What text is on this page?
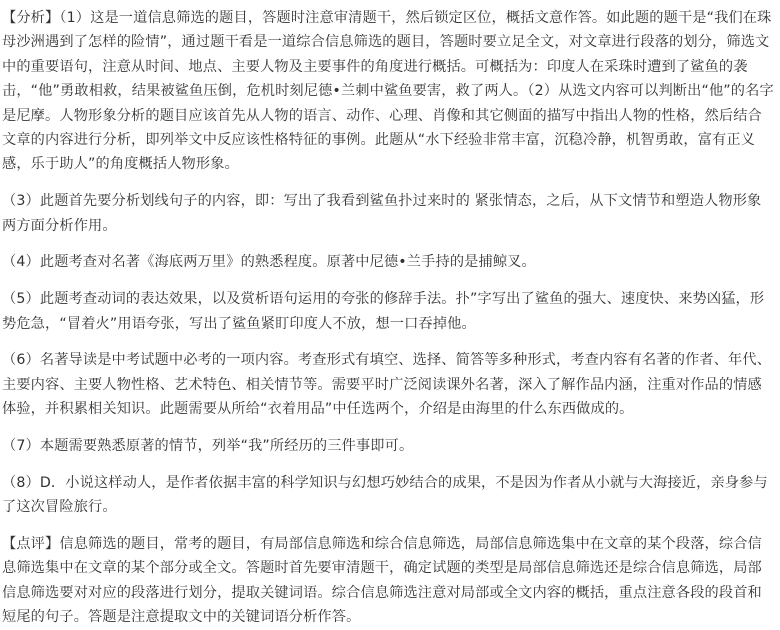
【分析】（1）这是一道信息筛选的题目，答题时注意审清题干，然后锁定区位，概括文意作答。如此题的题干是“我们在珠母沙洲遇到了怎样的险情”，通过题干看是一道综合信息筛选的题目，答题时要立足全文，对文章进行段落的划分，筛选文中的重要语句，注意从时间、地点、主要人物及主要事件的角度进行概括。可概括为：印度人在采珠时遭到了鲨鱼的袭击，“他”勇敢相救，结果被鲨鱼压倒，危机时刻尼德•兰刺中鲨鱼要害，救了两人。（2）从选文内容可以判断出“他”的名字是尼摩。人物形象分析的题目应该首先从人物的语言、动作、心理、肖像和其它侧面的描写中指出人物的性格，然后结合文章的内容进行分析，即列举文中反应该性格特征的事例。此题从“水下经验非常丰富，沉稳冷静，机智勇敢，富有正义感，乐于助人”的角度概括人物形象。

（3）此题首先要分析划线句子的内容，即：写出了我看到鲨鱼扑过来时的 紧张情态，之后，从下文情节和塑造人物形象两方面分析作用。

（4）此题考查对名著《海底两万里》的熟悉程度。原著中尼德•兰手持的是捕鲸叉。

（5）此题考查动词的表达效果，以及赏析语句运用的夸张的修辞手法。扑”字写出了鲨鱼的强大、速度快、来势凶猛，形势危急，“冒着火”用语夸张，写出了鲨鱼紧盯印度人不放，想一口吞掉他。

（6）名著导读是中考试题中必考的一项内容。考查形式有填空、选择、简答等多种形式，考查内容有名著的作者、年代、主要内容、主要人物性格、艺术特色、相关情节等。需要平时广泛阅读课外名著，深入了解作品内涵，注重对作品的情感体验，并积累相关知识。此题需要从所给“衣着用品”中任选两个，介绍是由海里的什么东西做成的。

（7）本题需要熟悉原著的情节，列举“我”所经历的三件事即可。

（8）D．小说这样动人，是作者依据丰富的科学知识与幻想巧妙结合的成果，不是因为作者从小就与大海接近，亲身参与了这次冒险旅行。

【点评】信息筛选的题目，常考的题目，有局部信息筛选和综合信息筛选，局部信息筛选集中在文章的某个段落，综合信息筛选集中在文章的某个部分或全文。答题时首先要审清题干，确定试题的类型是局部信息筛选还是综合信息筛选，局部信息筛选要对对应的段落进行划分，提取关键词语。综合信息筛选注意对局部或全文内容的概括，重点注意各段的段首和短尾的句子。答题是注意提取文中的关键词语分析作答。
